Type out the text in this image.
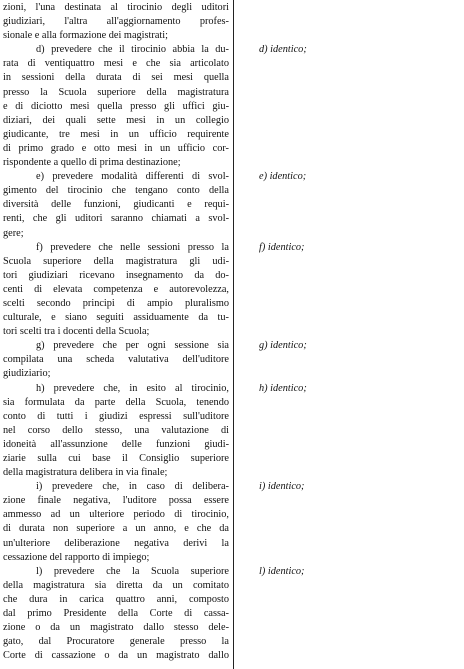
zioni, l'una destinata al tirocinio degli uditori
giudiziari, l'altra all'aggiornamento profes-
sionale e alla formazione dei magistrati;
d) prevedere che il tirocinio abbia la du-
rata di ventiquattro mesi e che sia articolato
in sessioni della durata di sei mesi quella
presso la Scuola superiore della magistratura
e di diciotto mesi quella presso gli uffici giu-
diziari, dei quali sette mesi in un collegio
giudicante, tre mesi in un ufficio requirente
di primo grado e otto mesi in un ufficio cor-
rispondente a quello di prima destinazione;
e) prevedere modalità differenti di svol-
gimento del tirocinio che tengano conto della
diversità delle funzioni, giudicanti e requi-
renti, che gli uditori saranno chiamati a svol-
gere;
f) prevedere che nelle sessioni presso la
Scuola superiore della magistratura gli udi-
tori giudiziari ricevano insegnamento da do-
centi di elevata competenza e autorevolezza,
scelti secondo principi di ampio pluralismo
culturale, e siano seguiti assiduamente da tu-
tori scelti tra i docenti della Scuola;
g) prevedere che per ogni sessione sia
compilata una scheda valutativa dell'uditore
giudiziario;
h) prevedere che, in esito al tirocinio,
sia formulata da parte della Scuola, tenendo
conto di tutti i giudizi espressi sull'uditore
nel corso dello stesso, una valutazione di
idoneità all'assunzione delle funzioni giudi-
ziarie sulla cui base il Consiglio superiore
della magistratura delibera in via finale;
i) prevedere che, in caso di delibera-
zione finale negativa, l'uditore possa essere
ammesso ad un ulteriore periodo di tirocinio,
di durata non superiore a un anno, e che da
un'ulteriore deliberazione negativa derivi la
cessazione del rapporto di impiego;
l) prevedere che la Scuola superiore
della magistratura sia diretta da un comitato
che dura in carica quattro anni, composto
dal primo Presidente della Corte di cassa-
zione o da un magistrato dallo stesso dele-
gato, dal Procuratore generale presso la
Corte di cassazione o da un magistrato dallo
d) identico;
e) identico;
f) identico;
g) identico;
h) identico;
i) identico;
l) identico;
